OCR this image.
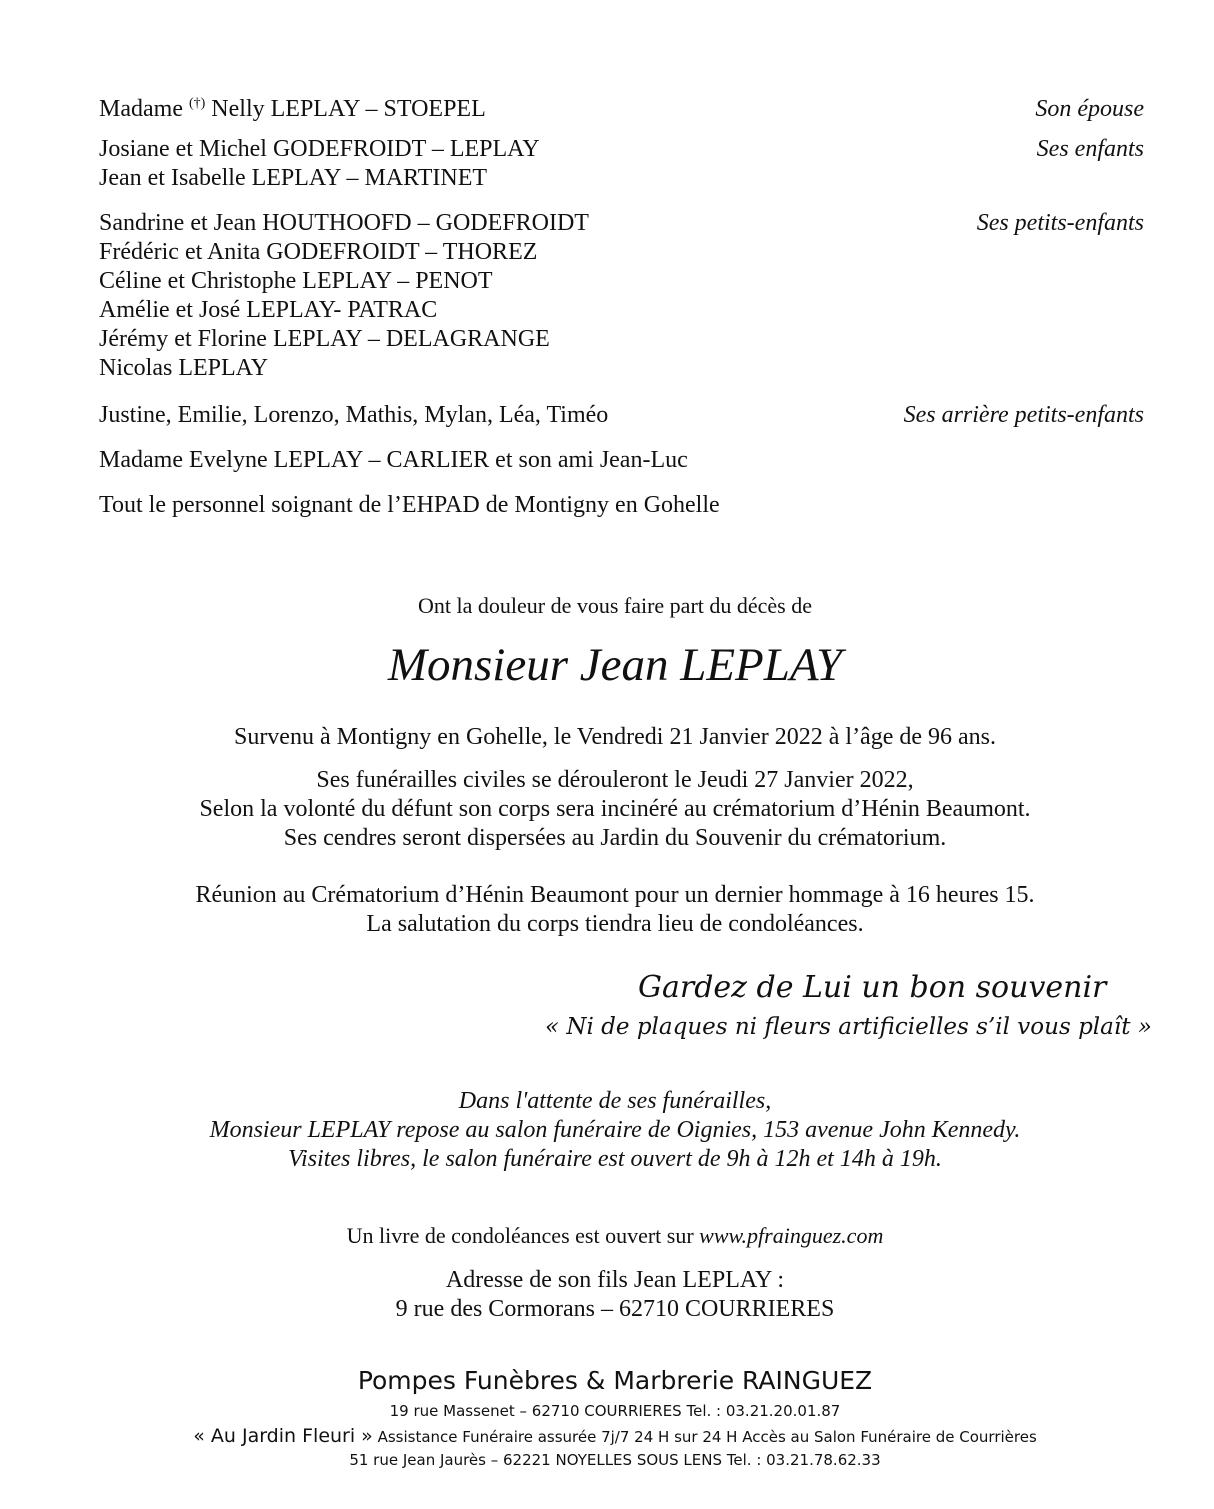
Madame (†) Nelly LEPLAY – STOEPEL	Son épouse
Josiane et Michel GODEFROIDT – LEPLAY
Jean et Isabelle LEPLAY – MARTINET
Ses enfants
Sandrine et Jean HOUTHOOFD – GODEFROIDT
Frédéric et Anita GODEFROIDT – THOREZ
Céline et Christophe LEPLAY – PENOT
Amélie et José LEPLAY- PATRAC
Jérémy et Florine LEPLAY – DELAGRANGE
Nicolas LEPLAY
Ses petits-enfants
Justine, Emilie, Lorenzo, Mathis, Mylan, Léa, Timéo	Ses arrière petits-enfants
Madame Evelyne LEPLAY – CARLIER et son ami Jean-Luc
Tout le personnel soignant de l’EHPAD de Montigny en Gohelle
Ont la douleur de vous faire part du décès de
Monsieur Jean LEPLAY
Survenu à Montigny en Gohelle, le Vendredi 21 Janvier 2022 à l’âge de 96 ans.
Ses funérailles civiles se dérouleront le Jeudi 27 Janvier 2022,
Selon la volonté du défunt son corps sera incinéré au crématorium d’Hénin Beaumont.
Ses cendres seront dispersées au Jardin du Souvenir du crématorium.
Réunion au Crématorium d’Hénin Beaumont pour un dernier hommage à 16 heures 15.
La salutation du corps tiendra lieu de condoléances.
Gardez de Lui un bon souvenir
« Ni de plaques ni fleurs artificielles s’il vous plaît »
Dans l'attente de ses funérailles,
Monsieur LEPLAY repose au salon funéraire de Oignies, 153 avenue John Kennedy.
Visites libres, le salon funéraire est ouvert de 9h à 12h et 14h à 19h.
Un livre de condoléances est ouvert sur www.pfrainguez.com
Adresse de son fils Jean LEPLAY :
9 rue des Cormorans – 62710 COURRIERES
Pompes Funèbres & Marbrerie RAINGUEZ
19 rue Massenet – 62710 COURRIERES Tel. : 03.21.20.01.87
« Au Jardin Fleuri » Assistance Funéraire assurée 7j/7 24 H sur 24 H Accès au Salon Funéraire de Courrières
51 rue Jean Jaurès – 62221 NOYELLES SOUS LENS Tel. : 03.21.78.62.33
